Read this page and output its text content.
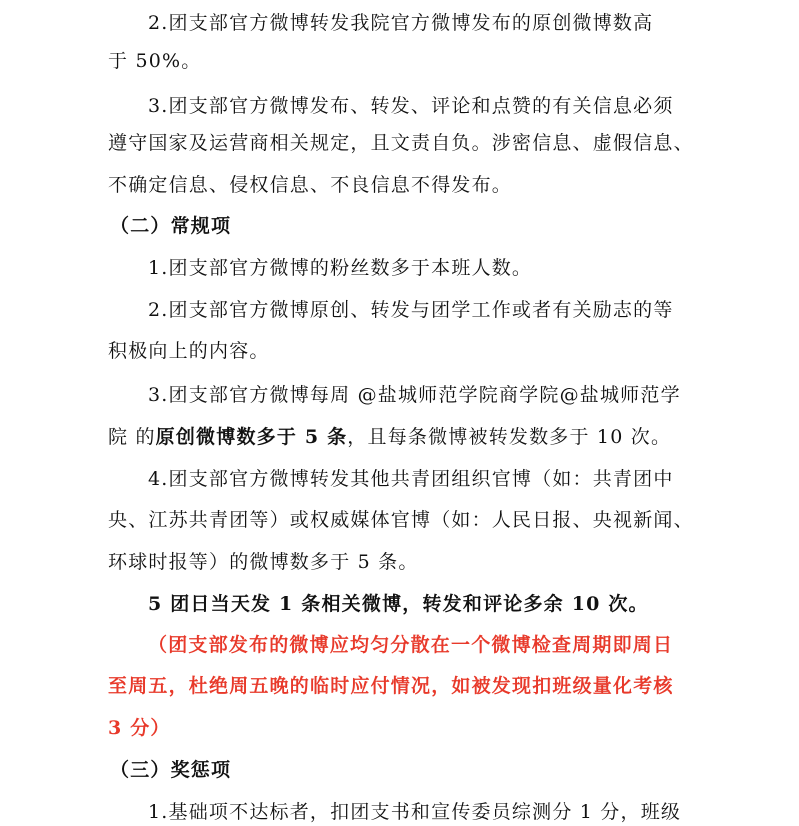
2.团支部官方微博转发我院官方微博发布的原创微博数高
于 50%。
3.团支部官方微博发布、转发、评论和点赞的有关信息必须
遵守国家及运营商相关规定，且文责自负。涉密信息、虚假信息、
不确定信息、侵权信息、不良信息不得发布。
（二）常规项
1.团支部官方微博的粉丝数多于本班人数。
2.团支部官方微博原创、转发与团学工作或者有关励志的等
积极向上的内容。
3.团支部官方微博每周 @盐城师范学院商学院@盐城师范学
院 的原创微博数多于 5 条，且每条微博被转发数多于 10 次。
4.团支部官方微博转发其他共青团组织官博（如：共青团中
央、江苏共青团等）或权威媒体官博（如：人民日报、央视新闻、
环球时报等）的微博数多于 5 条。
5 团日当天发 1 条相关微博，转发和评论多余 10 次。
（团支部发布的微博应均匀分散在一个微博检查周期即周日
至周五，杜绝周五晚的临时应付情况，如被发现扣班级量化考核
3 分）
（三）奖惩项
1.基础项不达标者，扣团支书和宣传委员综测分 1 分，班级
